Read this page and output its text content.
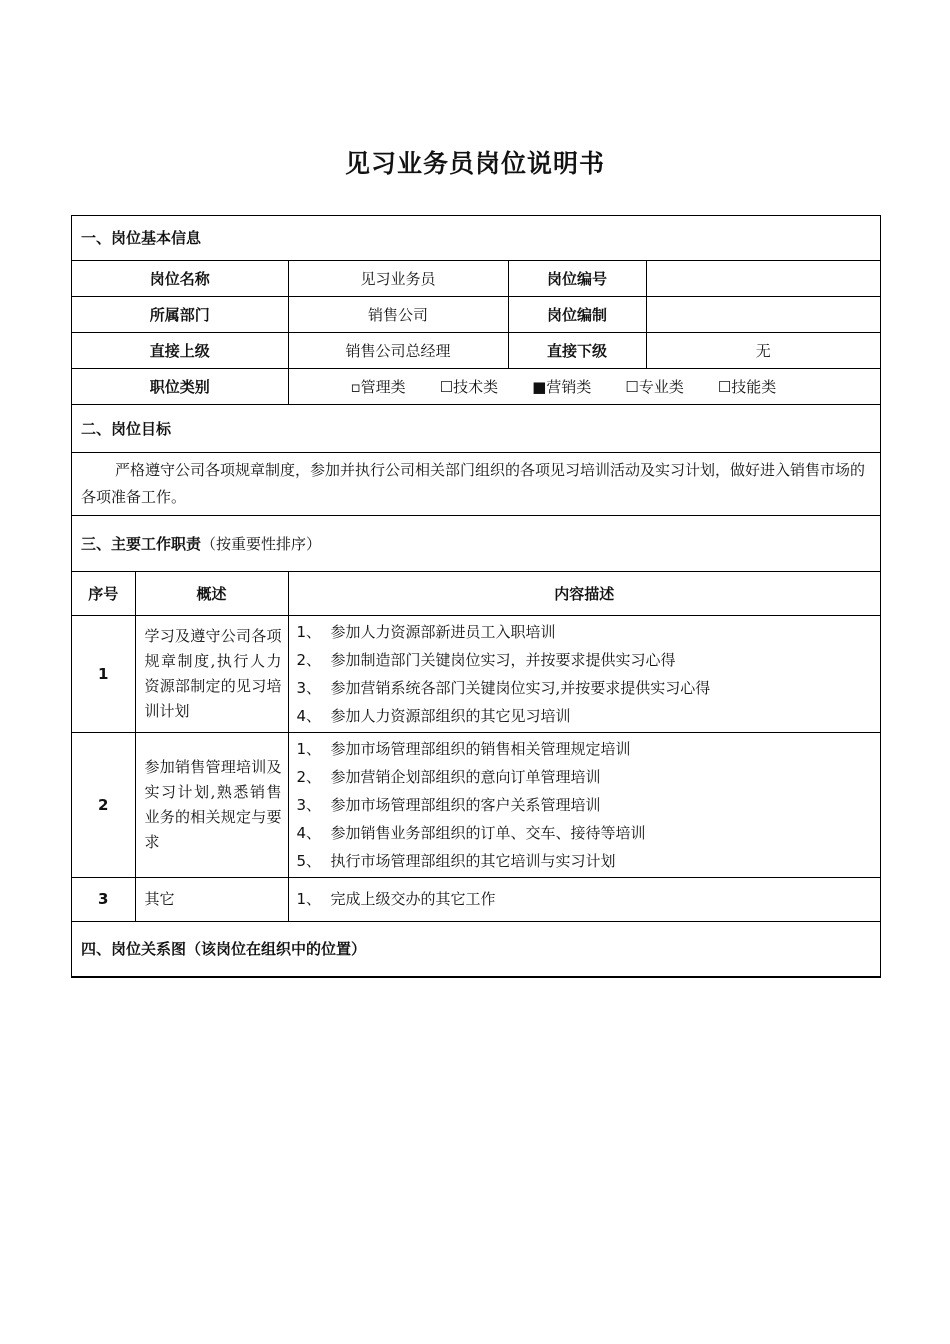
见习业务员岗位说明书
一、岗位基本信息				
岗位名称		见习业务员	岗位编号	
所属部门		销售公司	岗位编制	
直接上级		销售公司总经理	直接下级	无
职位类别		▫管理类 ☐技术类 ■营销类 ☐专业类 ☐技能类		
二、岗位目标				
严格遵守公司各项规章制度，参加并执行公司相关部门组织的各项见习培训活动及实习计划，做好进入销售市场的各项准备工作。				
三、主要工作职责（按重要性排序）				
序号	概述	内容描述		
1	学习及遵守公司各项规章制度,执行人力资源部制定的见习培训计划	1、 参加人力资源部新进员工入职培训
2、 参加制造部门关键岗位实习，并按要求提供实习心得
3、 参加营销系统各部门关键岗位实习,并按要求提供实习心得
4、 参加人力资源部组织的其它见习培训		

2	参加销售管理培训及实习计划,熟悉销售业务的相关规定与要求	1、 参加市场管理部组织的销售相关管理规定培训
2、 参加营销企划部组织的意向订单管理培训
3、 参加市场管理部组织的客户关系管理培训
4、 参加销售业务部组织的订单、交车、接待等培训
5、 执行市场管理部组织的其它培训与实习计划		

3	其它	1、 完成上级交办的其它工作		

四、岗位关系图（该岗位在组织中的位置）				
